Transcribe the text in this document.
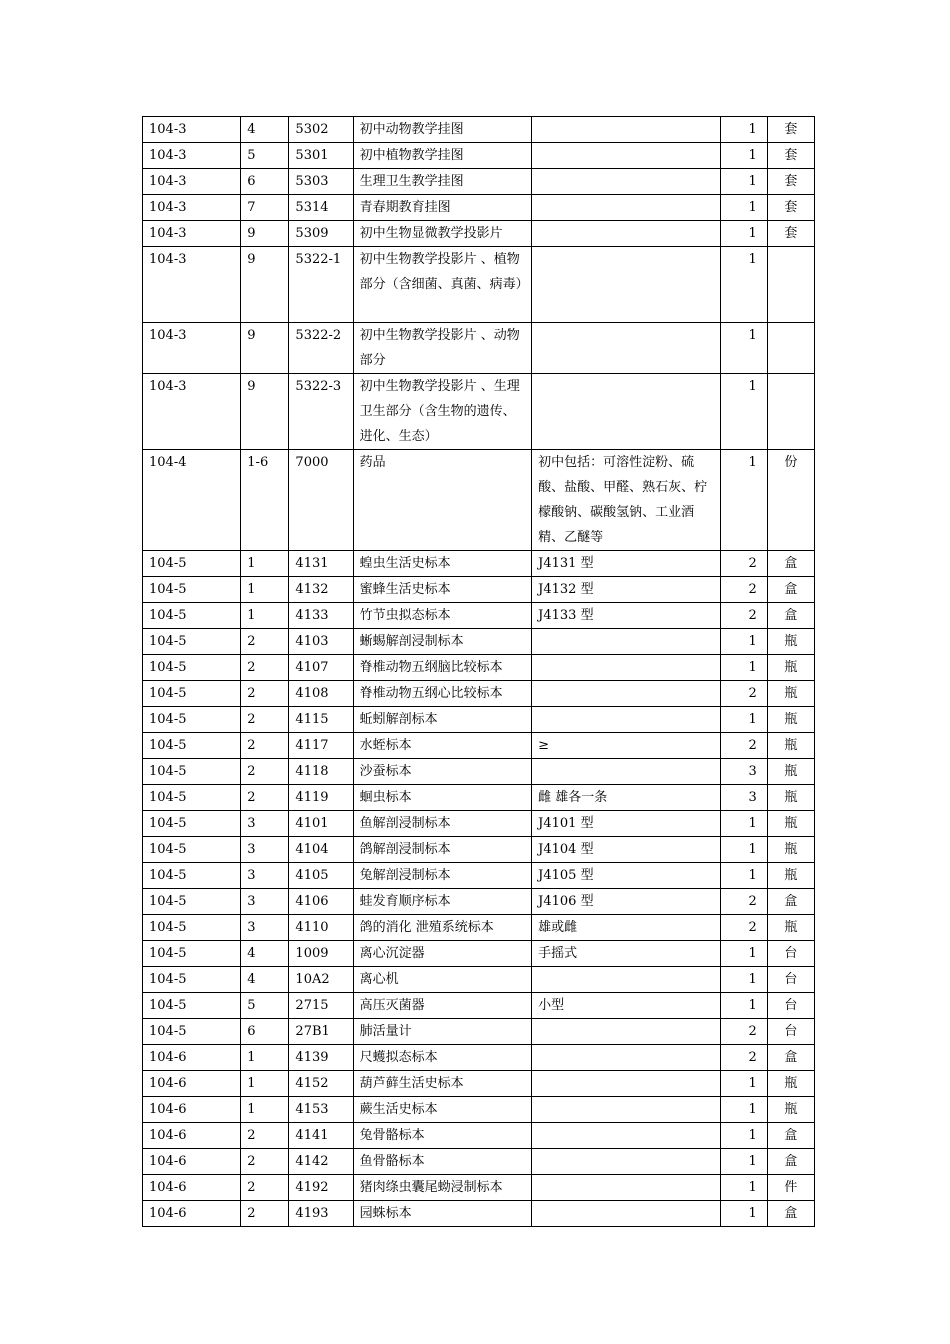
104-3	4	5302	初中动物教学挂图		1	套
104-3	5	5301	初中植物教学挂图		1	套
104-3	6	5303	生理卫生教学挂图		1	套
104-3	7	5314	青春期教育挂图		1	套
104-3	9	5309	初中生物显微教学投影片		1	套
104-3	9	5322-1	初中生物教学投影片 、植物部分（含细菌、真菌、病毒）		1	
104-3	9	5322-2	初中生物教学投影片 、动物部分		1	
104-3	9	5322-3	初中生物教学投影片 、生理卫生部分（含生物的遗传、进化、生态）		1	
104-4	1-6	7000	药品	初中包括：可溶性淀粉、硫酸、盐酸、甲醛、熟石灰、柠檬酸钠、碳酸氢钠、工业酒精、乙醚等	1	份
104-5	1	4131	蝗虫生活史标本	J4131 型	2	盒
104-5	1	4132	蜜蜂生活史标本	J4132 型	2	盒
104-5	1	4133	竹节虫拟态标本	J4133 型	2	盒
104-5	2	4103	蜥蜴解剖浸制标本		1	瓶
104-5	2	4107	脊椎动物五纲脑比较标本		1	瓶
104-5	2	4108	脊椎动物五纲心比较标本		2	瓶
104-5	2	4115	蚯蚓解剖标本		1	瓶
104-5	2	4117	水蛭标本	≥	2	瓶
104-5	2	4118	沙蚕标本		3	瓶
104-5	2	4119	蛔虫标本	雌 雄各一条	3	瓶
104-5	3	4101	鱼解剖浸制标本	J4101 型	1	瓶
104-5	3	4104	鸽解剖浸制标本	J4104 型	1	瓶
104-5	3	4105	兔解剖浸制标本	J4105 型	1	瓶
104-5	3	4106	蛙发育顺序标本	J4106 型	2	盒
104-5	3	4110	鸽的消化 泄殖系统标本	雄或雌	2	瓶
104-5	4	1009	离心沉淀器	手摇式	1	台
104-5	4	10A2	离心机		1	台
104-5	5	2715	高压灭菌器	小型	1	台
104-5	6	27B1	肺活量计		2	台
104-6	1	4139	尺蠖拟态标本		2	盒
104-6	1	4152	葫芦藓生活史标本		1	瓶
104-6	1	4153	蕨生活史标本		1	瓶
104-6	2	4141	兔骨骼标本		1	盒
104-6	2	4142	鱼骨骼标本		1	盒
104-6	2	4192	猪肉绦虫囊尾蚴浸制标本		1	件
104-6	2	4193	园蛛标本		1	盒
